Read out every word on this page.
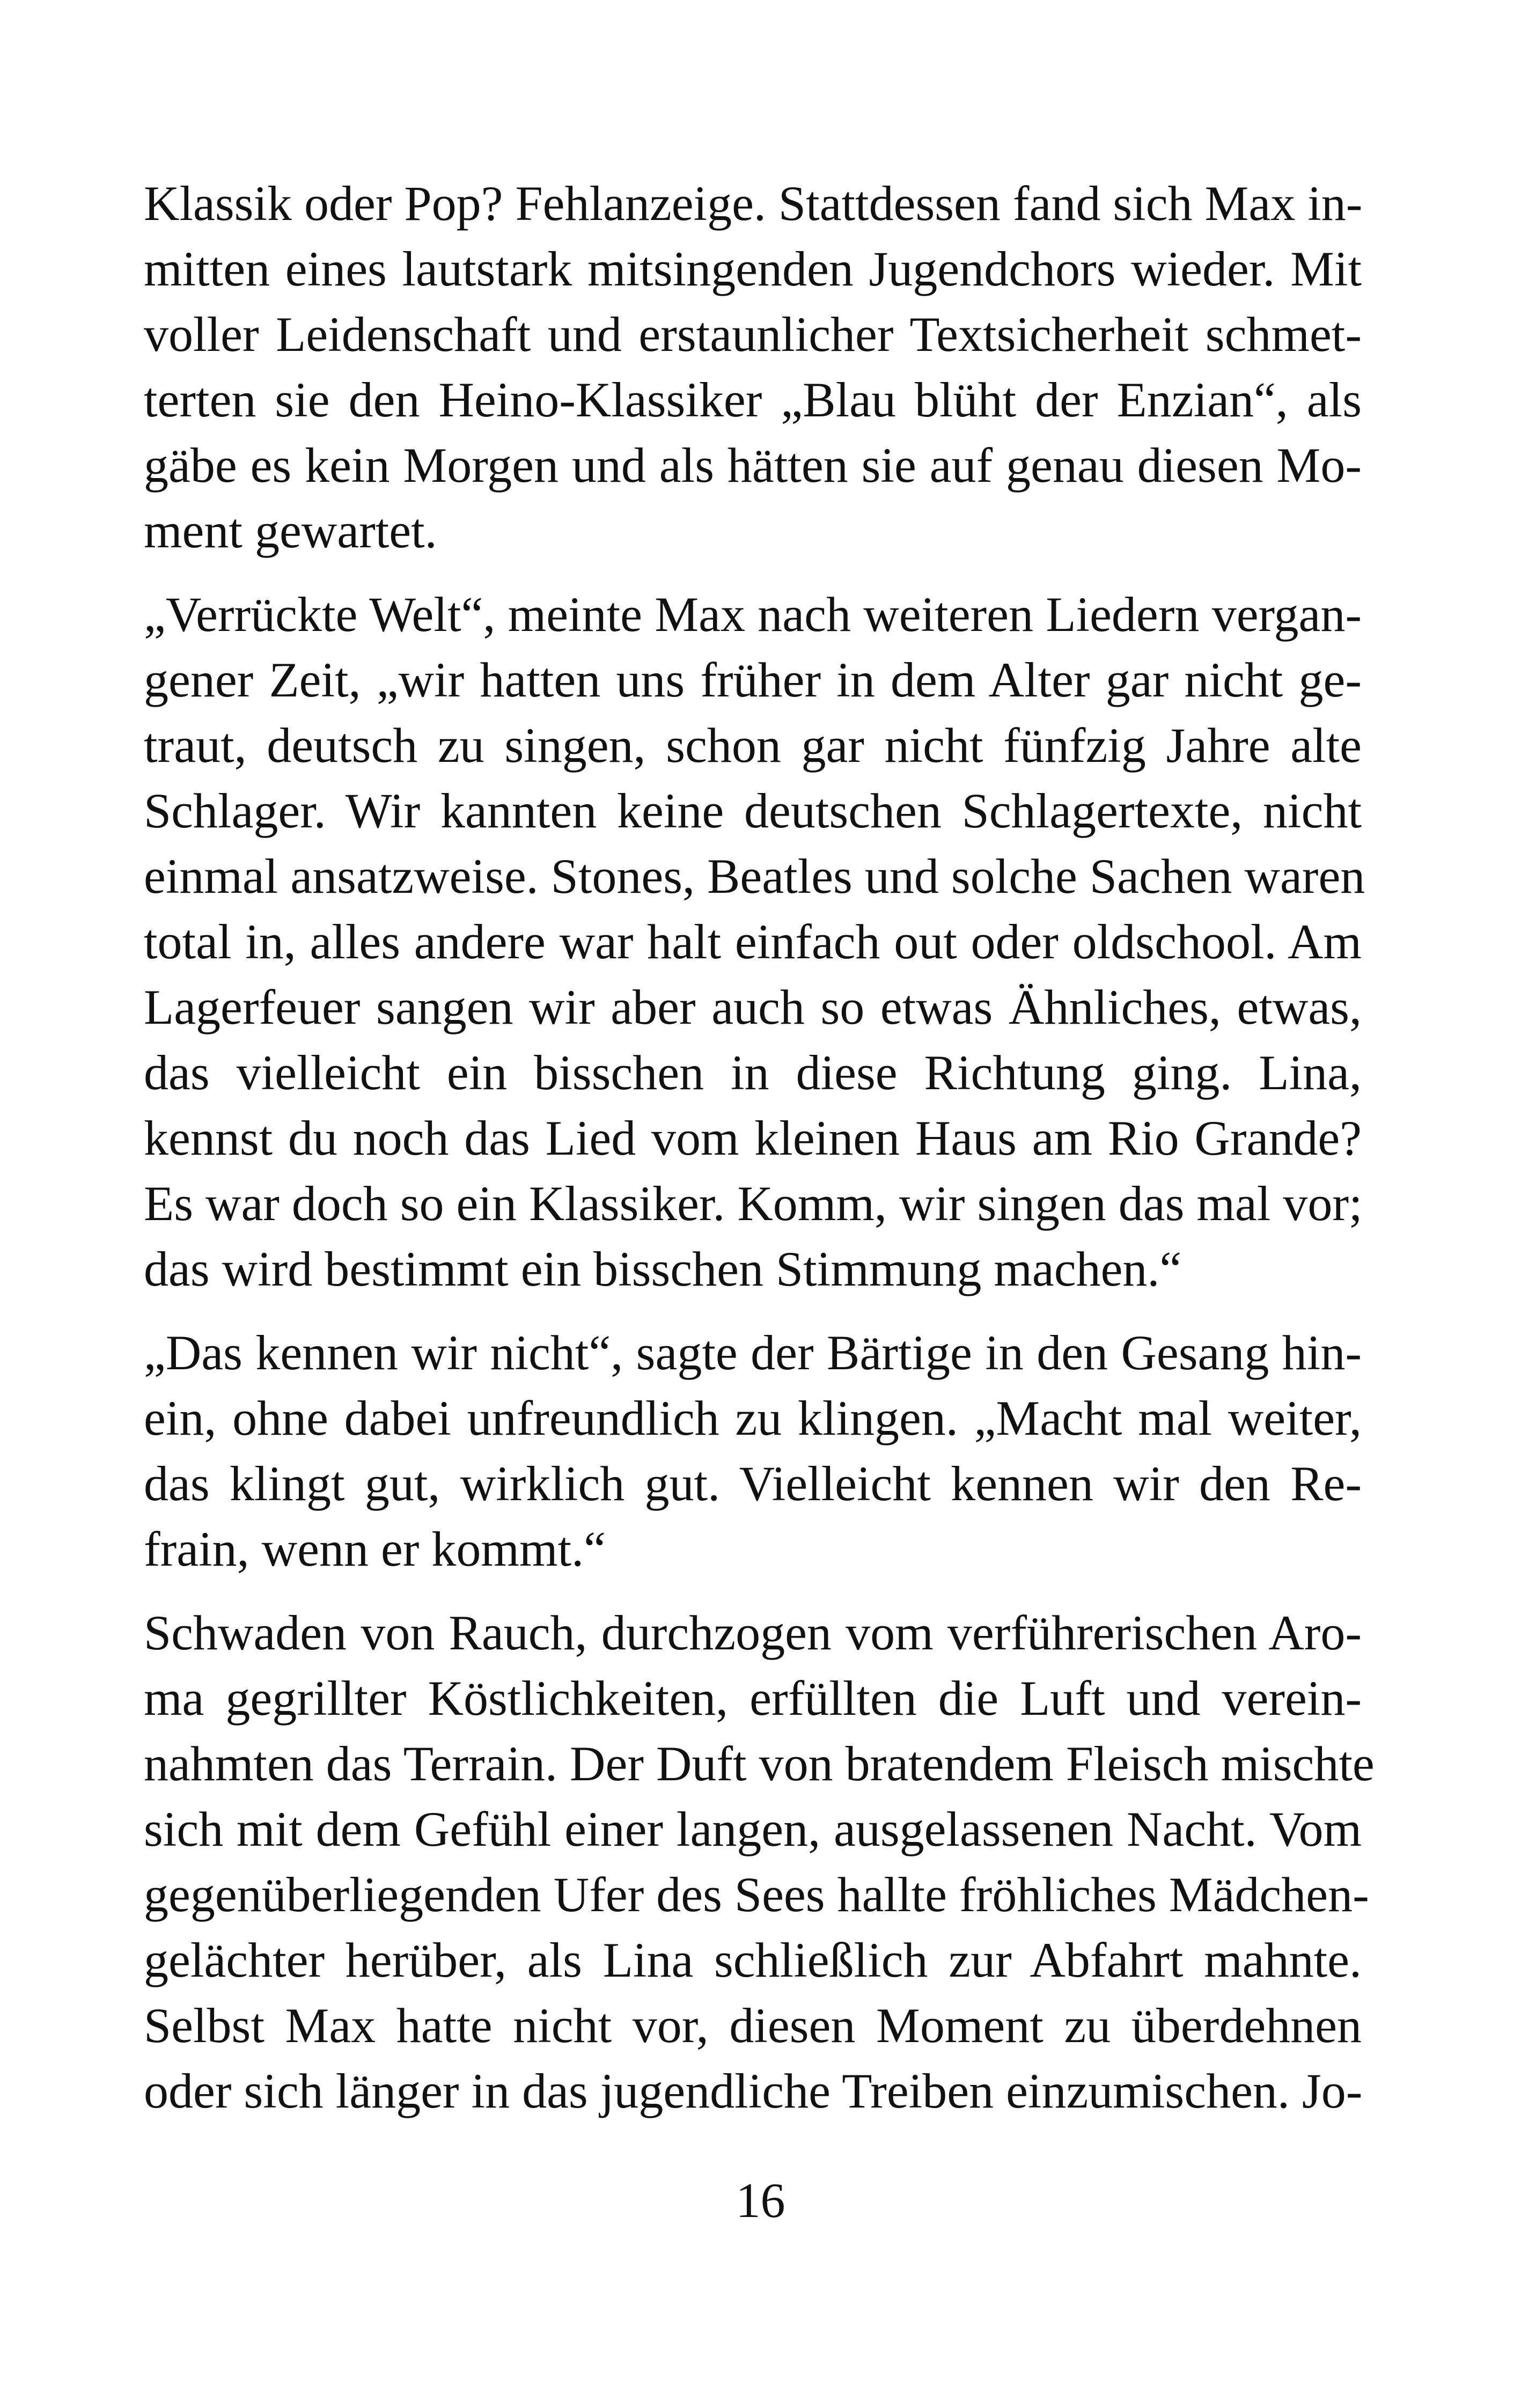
Klassik oder Pop? Fehlanzeige. Stattdessen fand sich Max in-
mitten eines lautstark mitsingenden Jugendchors wieder. Mit
voller Leidenschaft und erstaunlicher Textsicherheit schmet-
terten sie den Heino-Klassiker „Blau blüht der Enzian“, als
gäbe es kein Morgen und als hätten sie auf genau diesen Mo-
ment gewartet.
„Verrückte Welt“, meinte Max nach weiteren Liedern vergan-
gener Zeit, „wir hatten uns früher in dem Alter gar nicht ge-
traut, deutsch zu singen, schon gar nicht fünfzig Jahre alte
Schlager. Wir kannten keine deutschen Schlagertexte, nicht
einmal ansatzweise. Stones, Beatles und solche Sachen waren
total in, alles andere war halt einfach out oder oldschool. Am
Lagerfeuer sangen wir aber auch so etwas Ähnliches, etwas,
das vielleicht ein bisschen in diese Richtung ging. Lina,
kennst du noch das Lied vom kleinen Haus am Rio Grande?
Es war doch so ein Klassiker. Komm, wir singen das mal vor;
das wird bestimmt ein bisschen Stimmung machen.“
„Das kennen wir nicht“, sagte der Bärtige in den Gesang hin-
ein, ohne dabei unfreundlich zu klingen. „Macht mal weiter,
das klingt gut, wirklich gut. Vielleicht kennen wir den Re-
frain, wenn er kommt.“
Schwaden von Rauch, durchzogen vom verführerischen Aro-
ma gegrillter Köstlichkeiten, erfüllten die Luft und verein-
nahmten das Terrain. Der Duft von bratendem Fleisch mischte
sich mit dem Gefühl einer langen, ausgelassenen Nacht. Vom
gegenüberliegenden Ufer des Sees hallte fröhliches Mädchen-
gelächter herüber, als Lina schließlich zur Abfahrt mahnte.
Selbst Max hatte nicht vor, diesen Moment zu überdehnen
oder sich länger in das jugendliche Treiben einzumischen. Jo-
16
